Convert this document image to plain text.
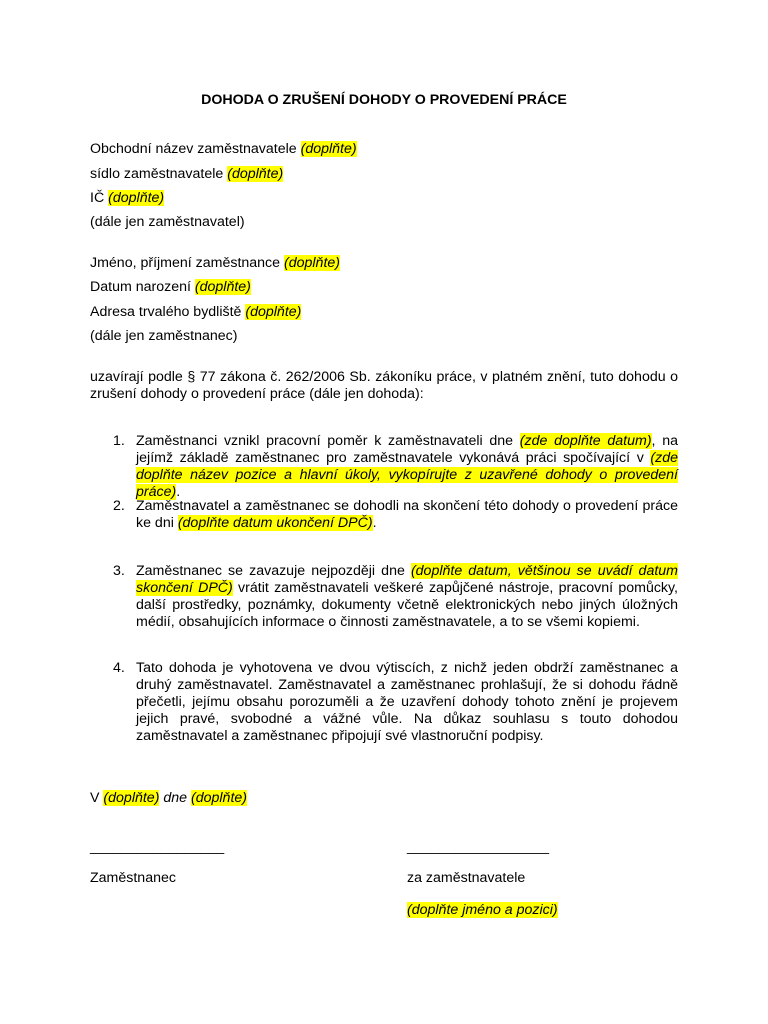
DOHODA O ZRUŠENÍ DOHODY O PROVEDENÍ PRÁCE
Obchodní název zaměstnavatele (doplňte)
sídlo zaměstnavatele (doplňte)
IČ (doplňte)
(dále jen zaměstnavatel)
Jméno, příjmení zaměstnance (doplňte)
Datum narození (doplňte)
Adresa trvalého bydliště (doplňte)
(dále jen zaměstnanec)
uzavírají podle § 77 zákona č. 262/2006 Sb. zákoníku práce, v platném znění, tuto dohodu o zrušení dohody o provedení práce (dále jen dohoda):
1. Zaměstnanci vznikl pracovní poměr k zaměstnavateli dne (zde doplňte datum), na jejímž základě zaměstnanec pro zaměstnavatele vykonává práci spočívající v (zde doplňte název pozice a hlavní úkoly, vykopírujte z uzavřené dohody o provedení práce).
2. Zaměstnavatel a zaměstnanec se dohodli na skončení této dohody o provedení práce ke dni (doplňte datum ukončení DPČ).
3. Zaměstnanec se zavazuje nejpozději dne (doplňte datum, většinou se uvádí datum skončení DPČ) vrátit zaměstnavateli veškeré zapůjčené nástroje, pracovní pomůcky, další prostředky, poznámky, dokumenty včetně elektronických nebo jiných úložných médií, obsahujících informace o činnosti zaměstnavatele, a to se všemi kopiemi.
4. Tato dohoda je vyhotovena ve dvou výtiscích, z nichž jeden obdrží zaměstnanec a druhý zaměstnavatel. Zaměstnavatel a zaměstnanec prohlašují, že si dohodu řádně přečetli, jejímu obsahu porozuměli a že uzavření dohody tohoto znění je projevem jejich pravé, svobodné a vážné vůle. Na důkaz souhlasu s touto dohodou zaměstnavatel a zaměstnanec připojují své vlastnoruční podpisy.
V (doplňte) dne (doplňte)
_________________	__________________
Zaměstnanec	za zaměstnavatele
(doplňte jméno a pozici)
